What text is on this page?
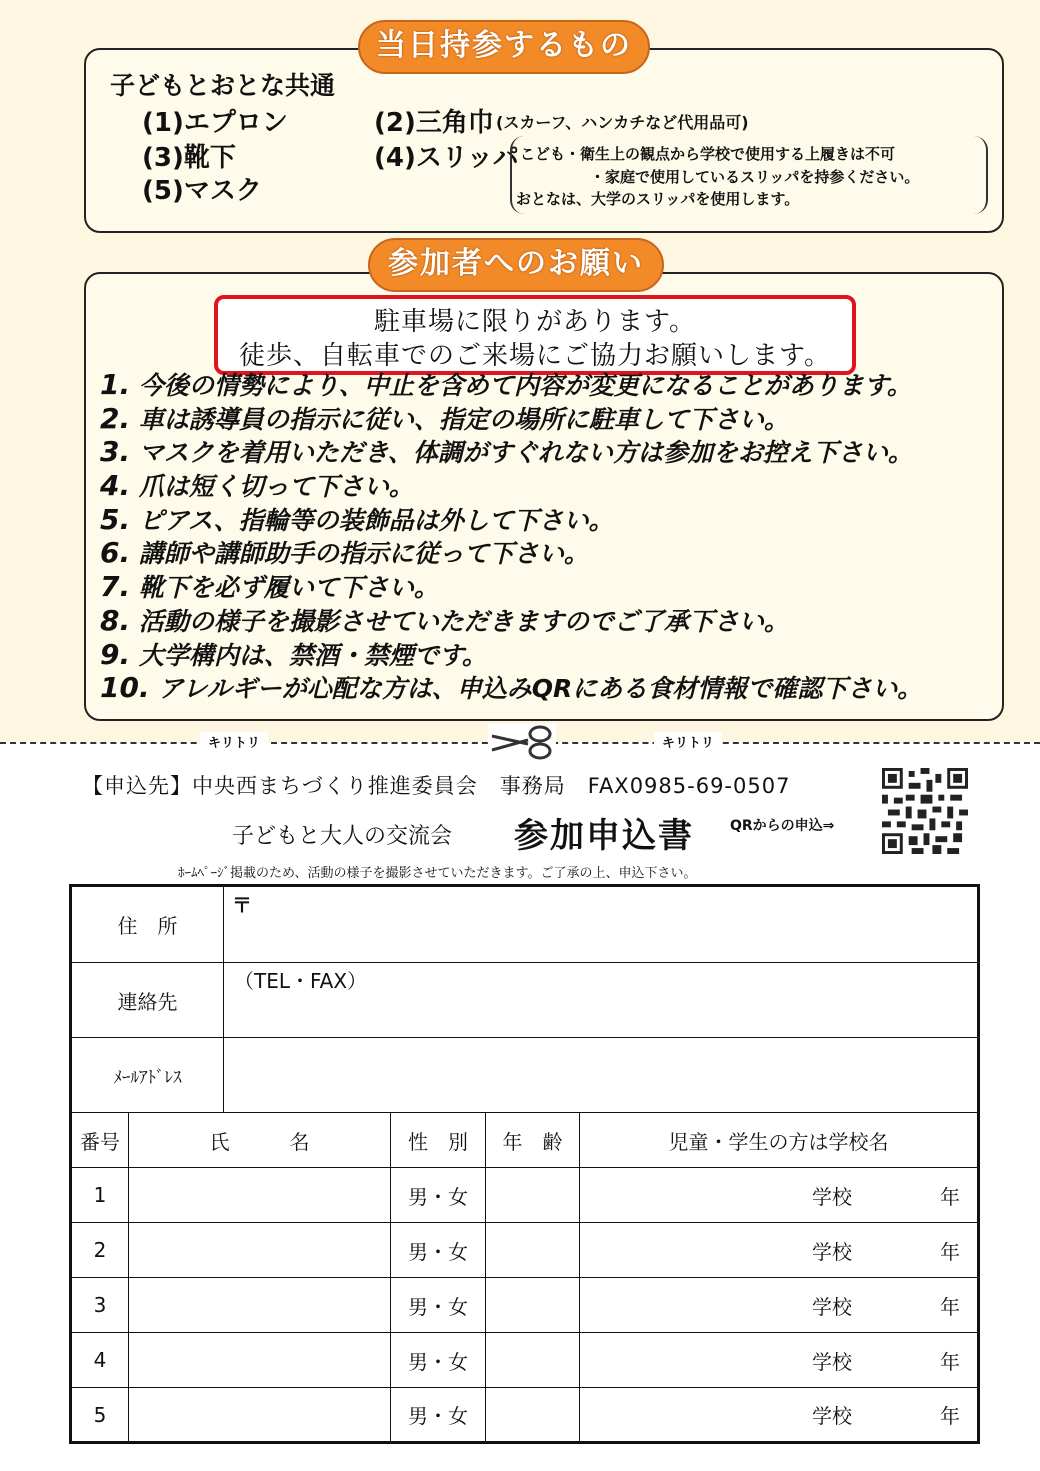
当日持参するもの
子どもとおとな共通
(1)エプロン	(2)三角巾 (スカーフ、ハンカチなど代用品可)
(3)靴下	(4)スリッパ
(5)マスク
こども・衛生上の観点から学校で使用する上履きは不可
・家庭で使用しているスリッパを持参ください。
おとなは、大学のスリッパを使用します。
参加者へのお願い
駐車場に限りがあります。
徒歩、自転車でのご来場にご協力お願いします。
1. 今後の情勢により、中止を含めて内容が変更になることがあります。
2. 車は誘導員の指示に従い、指定の場所に駐車して下さい。
3. マスクを着用いただき、体調がすぐれない方は参加をお控え下さい。
4. 爪は短く切って下さい。
5. ピアス、指輪等の装飾品は外して下さい。
6. 講師や講師助手の指示に従って下さい。
7. 靴下を必ず履いて下さい。
8. 活動の様子を撮影させていただきますのでご了承下さい。
9. 大学構内は、禁酒・禁煙です。
10. アレルギーが心配な方は、申込みQRにある食材情報で確認下さい。
キリトリ	キリトリ
【申込先】中央西まちづくり推進委員会　事務局　FAX0985-69-0507
子どもと大人の交流会 参加申込書	QRからの申込⇒
ﾎｰﾑﾍﾟｰｼﾞ掲載のため、活動の様子を撮影させていただきます。ご了承の上、申込下さい。
住　所		〒			
連絡先		（TEL・FAX）			
ﾒｰﾙｱﾄﾞﾚｽ					
番号	氏　　　名		性　別	年　齢	児童・学生の方は学校名
1			男・女		学校 年
2			男・女		学校 年
3			男・女		学校 年
4			男・女		学校 年
5			男・女		学校 年
